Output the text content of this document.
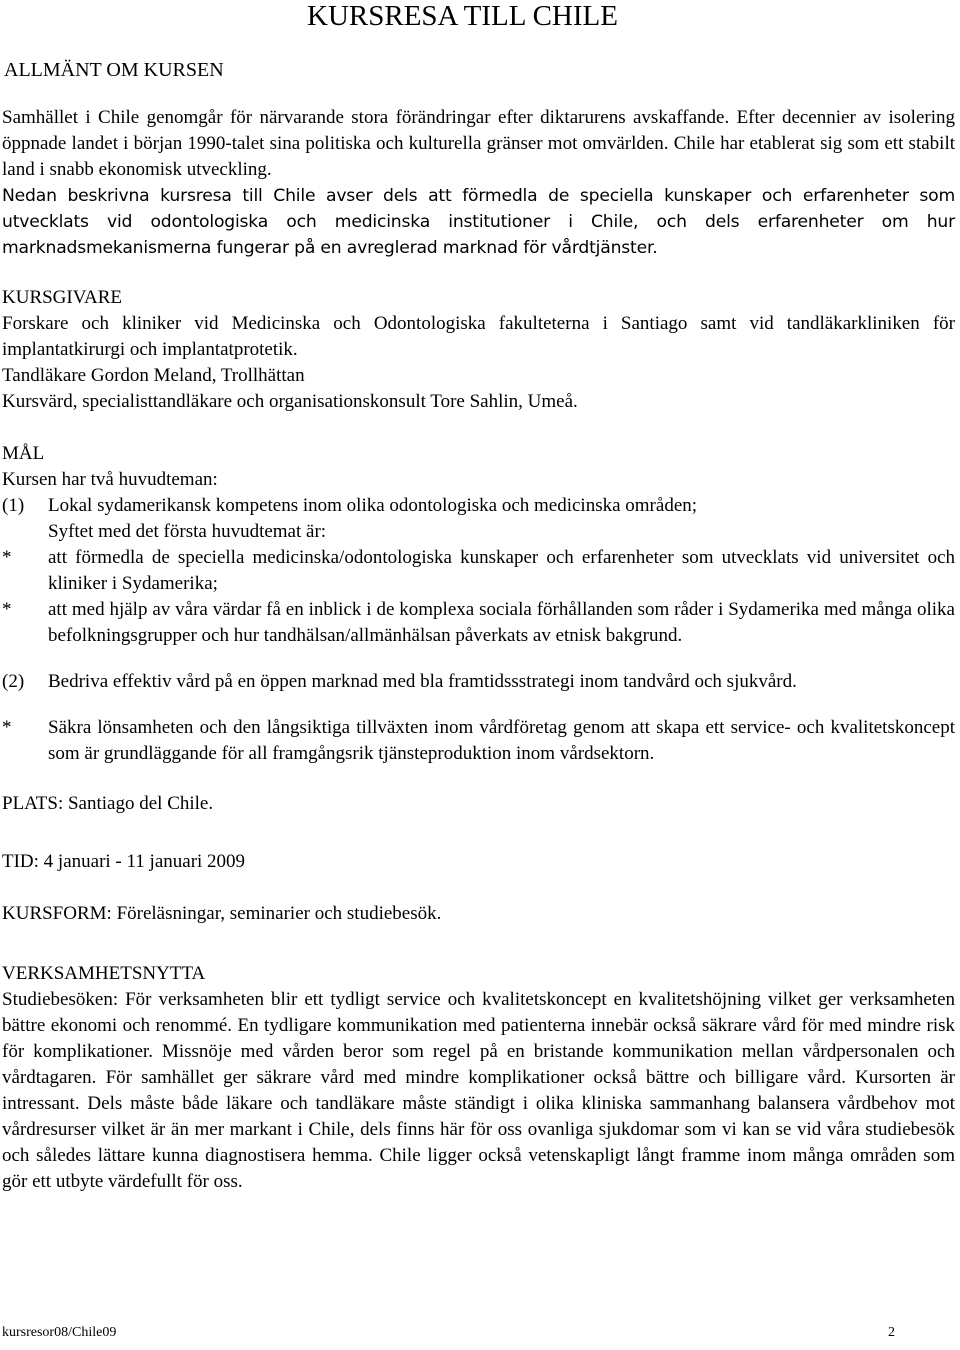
ALLMÄNT OM KURSEN
KURSRESA TILL CHILE

Samhället i Chile genomgår för närvarande stora förändringar efter diktarurens avskaffande. Efter decennier av isolering öppnade landet i början 1990-talet sina politiska och kulturella gränser mot omvärlden. Chile har etablerat sig som ett stabilt land i snabb ekonomisk utveckling.

Nedan beskrivna kursresa till Chile avser dels att förmedla de speciella kunskaper och erfarenheter som utvecklats vid odontologiska och medicinska institutioner i Chile, och dels erfarenheter om hur marknadsmekanismerna fungerar på en avreglerad marknad för vårdtjänster.

KURSGIVARE

Forskare och kliniker vid Medicinska och Odontologiska fakulteterna i Santiago samt vid tandläkarkliniken för implantatkirurgi och implantatprotetik.

Tandläkare Gordon Meland, Trollhättan

Kursvärd, specialisttandläkare och organisationskonsult Tore Sahlin, Umeå.

MÅL

Kursen har två huvudteman:

(1)	Lokal sydamerikansk kompetens inom olika odontologiska och medicinska områden;

Syftet med det första huvudtemat är:

*	att förmedla de speciella medicinska/odontologiska kunskaper och erfarenheter som utvecklats vid universitet och kliniker i Sydamerika;
*	att med hjälp av våra värdar få en inblick i de komplexa sociala förhållanden som råder i Sydamerika med många olika befolkningsgrupper och hur tandhälsan/allmänhälsan påverkats av etnisk bakgrund.
(2)	Bedriva effektiv vård på en öppen marknad med bla framtidssstrategi inom tandvård och sjukvård.
*	Säkra lönsamheten och den långsiktiga tillväxten inom vårdföretag genom att skapa ett service- och kvalitetskoncept som är grundläggande för all framgångsrik tjänsteproduktion inom vårdsektorn.

PLATS: Santiago del Chile.

TID: 4 januari - 11 januari 2009

KURSFORM: Föreläsningar, seminarier och studiebesök.

VERKSAMHETSNYTTA

Studiebesöken: För verksamheten blir ett tydligt service och kvalitetskoncept en kvalitetshöjning vilket ger verksamheten bättre ekonomi och renommé. En tydligare kommunikation med patienterna innebär också säkrare vård för med mindre risk för komplikationer. Missnöje med vården beror som regel på en bristande kommunikation mellan vårdpersonalen och vårdtagaren. För samhället ger säkrare vård med mindre komplikationer också bättre och billigare vård. Kursorten är intressant. Dels måste både läkare och tandläkare måste ständigt i olika kliniska sammanhang balansera vårdbehov mot vårdresurser vilket är än mer markant i Chile, dels finns här för oss ovanliga sjukdomar som vi kan se vid våra studiebesök och således lättare kunna diagnostisera hemma. Chile ligger också vetenskapligt långt framme inom många områden som gör ett utbyte värdefullt för oss.

kursresor08/Chile09	2
